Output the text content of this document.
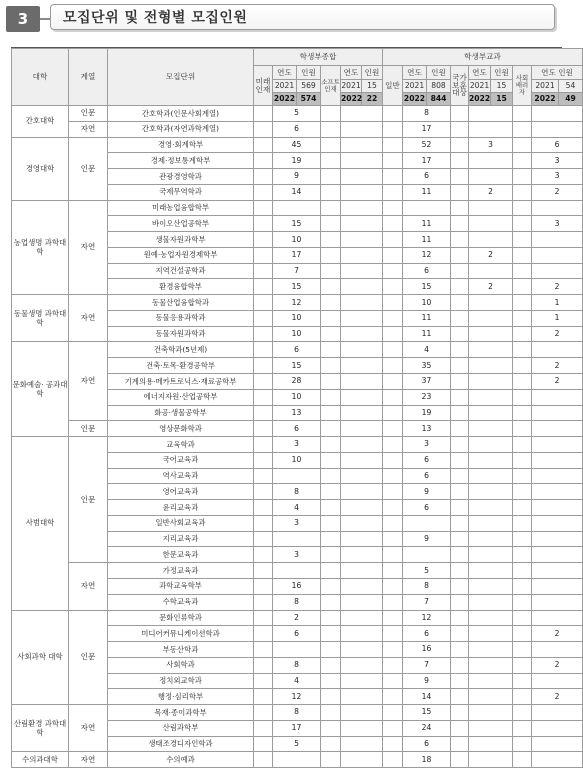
3	모집단위 및 전형별 모집인원
대학	계열	모집단위	학생부종합						학생부교과								
			미래 인재	연도	인원	소프트 인재	연도	인원	일반	연도	인원	국가 보훈 대상	연도	인원	사회 배려자	연도 인원	
				2021	569		2021	15		2021	808		2021	15		2021	54
				2022	574		2022	22		2022	844		2022	15		2022	49
간호대학	인문	간호학과(인문사회계열)		5						8							
	자연	간호학과(자연과학계열)		6						17							
경영대학	인문	경영·회계학부		45						52			3			6	
		경제·정보통계학부		19						17						3	
		관광경영학과		9						6						3	
		국제무역학과		14						11			2			2	
농업생명 과학대학	자연	미래농업융합학부															
		바이오산업공학부		15						11						3	
		생물자원과학부		10						11							
		원예·농업자원경제학부		17						12			2				
		지역건설공학과		7						6							
		환경융합학부		15						15			2			2	
동물생명 과학대학	자연	동물산업융합학과		12						10						1	
		동물응용과학과		10						11						1	
		동물자원과학과		10						11						2	
문화예술· 공과대학	자연	건축학과(5년제)		6						4							
		건축·토목·환경공학부		15						35						2	
		기계의용·메카트로닉스·재료공학부		28						37						2	
		에너지자원·산업공학부		10						23							
		화공·생물공학부		13						19							
	인문	영상문화학과		6						13							
사범대학	인문	교육학과		3						3							
		국어교육과		10						6							
		역사교육과								6							
		영어교육과		8						9							
		윤리교육과		4						6							
		일반사회교육과		3													
		지리교육과								9							
		한문교육과		3													
	자연	가정교육과								5							
		과학교육학부		16						8							
		수학교육과		8						7							
사회과학 대학	인문	문화인류학과		2						12							
		미디어커뮤니케이션학과		6						6						2	
		부동산학과								16							
		사회학과		8						7						2	
		정치외교학과		4						9							
		행정·심리학부		12						14						2	
산림환경 과학대학	자연	목재·종이과학부		8						15							
		산림과학부		17						24							
		생태조경디자인학과		5						6							
수의과대학	자연	수의예과								18							
